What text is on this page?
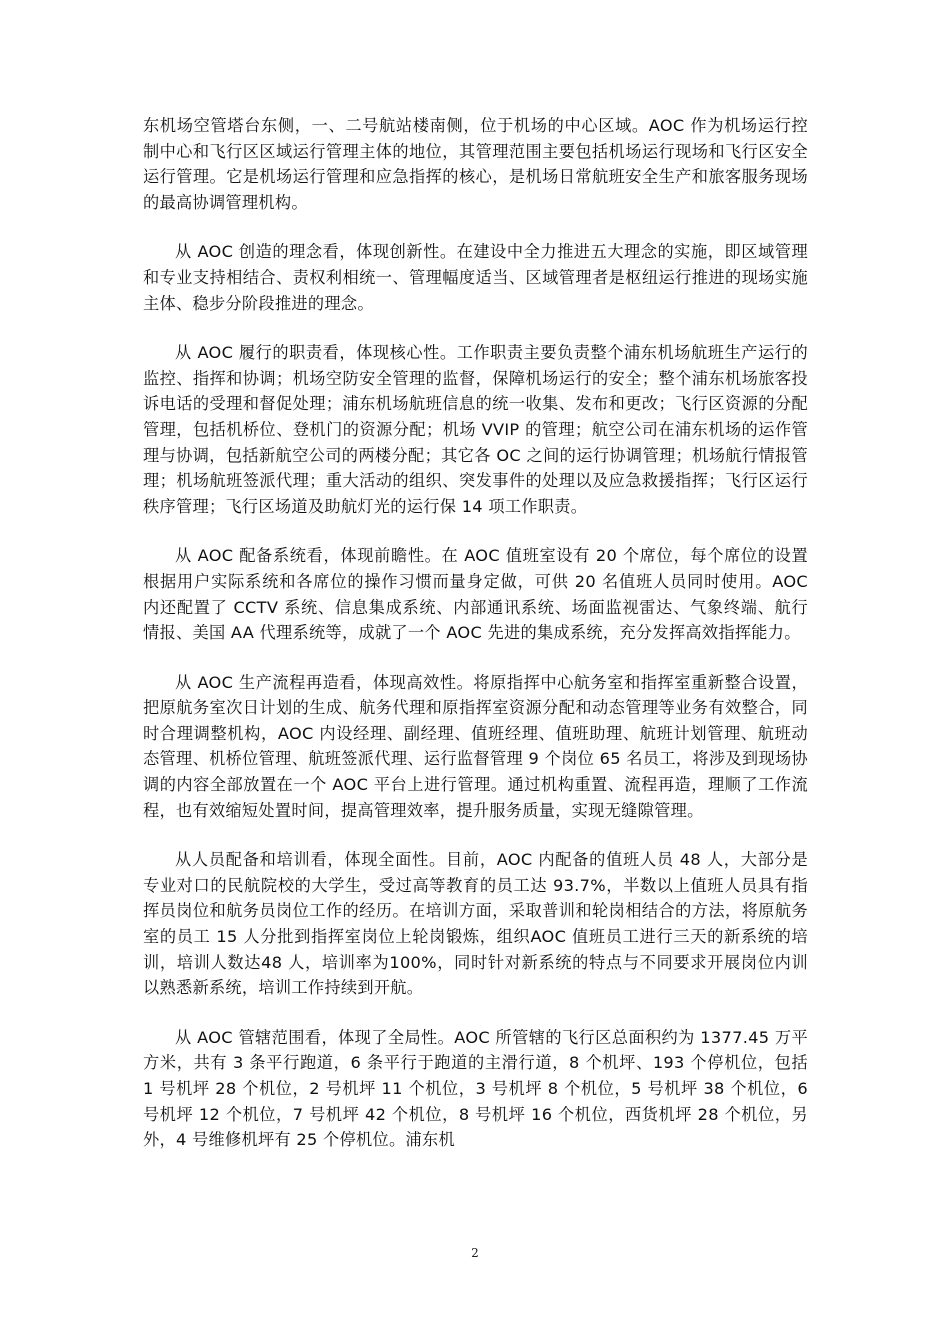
东机场空管塔台东侧，一、二号航站楼南侧，位于机场的中心区域。AOC 作为机场运行控制中心和飞行区区域运行管理主体的地位，其管理范围主要包括机场运行现场和飞行区安全运行管理。它是机场运行管理和应急指挥的核心，是机场日常航班安全生产和旅客服务现场的最高协调管理机构。

从 AOC 创造的理念看，体现创新性。在建设中全力推进五大理念的实施，即区域管理和专业支持相结合、责权利相统一、管理幅度适当、区域管理者是枢纽运行推进的现场实施主体、稳步分阶段推进的理念。

从 AOC 履行的职责看，体现核心性。工作职责主要负责整个浦东机场航班生产运行的监控、指挥和协调；机场空防安全管理的监督，保障机场运行的安全；整个浦东机场旅客投诉电话的受理和督促处理；浦东机场航班信息的统一收集、发布和更改；飞行区资源的分配管理，包括机桥位、登机门的资源分配；机场 VVIP 的管理；航空公司在浦东机场的运作管理与协调，包括新航空公司的两楼分配；其它各 OC 之间的运行协调管理；机场航行情报管理；机场航班签派代理；重大活动的组织、突发事件的处理以及应急救援指挥；飞行区运行秩序管理；飞行区场道及助航灯光的运行保 14 项工作职责。

从 AOC 配备系统看，体现前瞻性。在 AOC 值班室设有 20 个席位，每个席位的设置根据用户实际系统和各席位的操作习惯而量身定做，可供 20 名值班人员同时使用。AOC 内还配置了 CCTV 系统、信息集成系统、内部通讯系统、场面监视雷达、气象终端、航行情报、美国 AA 代理系统等，成就了一个 AOC 先进的集成系统，充分发挥高效指挥能力。

从 AOC 生产流程再造看，体现高效性。将原指挥中心航务室和指挥室重新整合设置，把原航务室次日计划的生成、航务代理和原指挥室资源分配和动态管理等业务有效整合，同时合理调整机构，AOC 内设经理、副经理、值班经理、值班助理、航班计划管理、航班动态管理、机桥位管理、航班签派代理、运行监督管理 9 个岗位 65 名员工，将涉及到现场协调的内容全部放置在一个 AOC 平台上进行管理。通过机构重置、流程再造，理顺了工作流程，也有效缩短处置时间，提高管理效率，提升服务质量，实现无缝隙管理。

从人员配备和培训看，体现全面性。目前，AOC 内配备的值班人员 48 人，大部分是专业对口的民航院校的大学生，受过高等教育的员工达 93.7%，半数以上值班人员具有指挥员岗位和航务员岗位工作的经历。在培训方面，采取普训和轮岗相结合的方法，将原航务室的员工 15 人分批到指挥室岗位上轮岗锻炼，组织AOC 值班员工进行三天的新系统的培训，培训人数达48 人，培训率为100%，同时针对新系统的特点与不同要求开展岗位内训以熟悉新系统，培训工作持续到开航。

从 AOC 管辖范围看，体现了全局性。AOC 所管辖的飞行区总面积约为 1377.45 万平方米，共有 3 条平行跑道，6 条平行于跑道的主滑行道，8 个机坪、193 个停机位，包括 1 号机坪 28 个机位，2 号机坪 11 个机位，3 号机坪 8 个机位，5 号机坪 38 个机位，6 号机坪 12 个机位，7 号机坪 42 个机位，8 号机坪 16 个机位，西货机坪 28 个机位，另外，4 号维修机坪有 25 个停机位。浦东机

2
